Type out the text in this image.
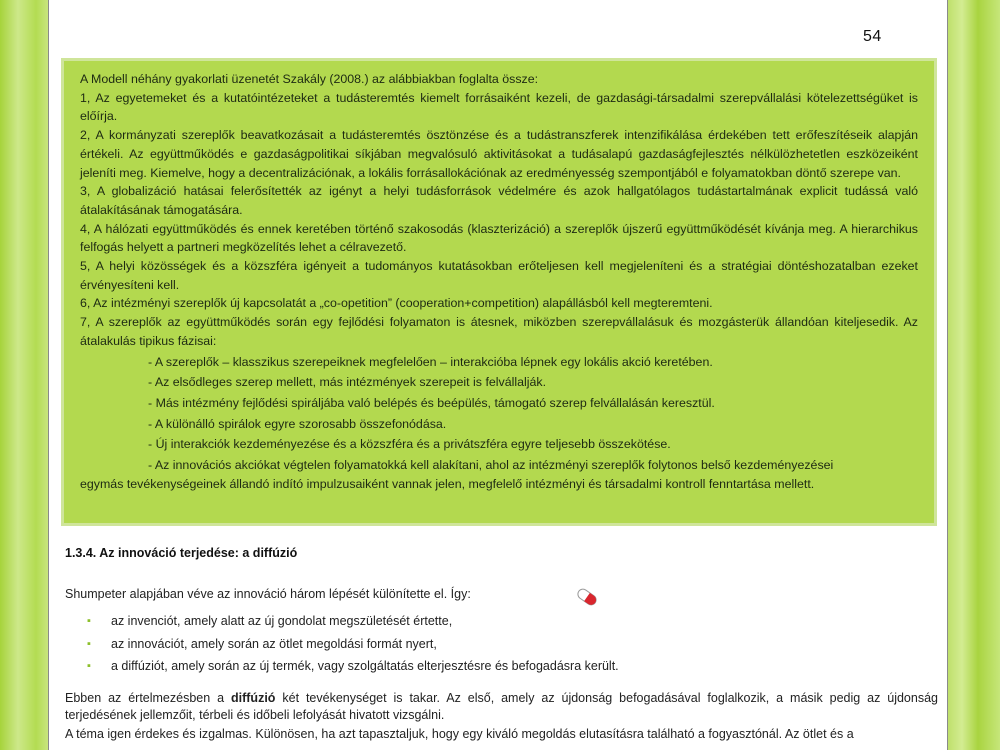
54

A Modell néhány gyakorlati üzenetét Szakály (2008.) az alábbiakban foglalta össze:

1, Az egyetemeket és a kutatóintézeteket a tudásteremtés kiemelt forrásaiként kezeli, de gazdasági-társadalmi szerepvállalási kötelezettségüket is előírja.

2, A kormányzati szereplők beavatkozásait a tudásteremtés ösztönzése és a tudástranszferek intenzifikálása érdekében tett erőfeszítéseik alapján értékeli. Az együttműködés e gazdaságpolitikai síkjában megvalósuló aktivitásokat a tudásalapú gazdaságfejlesztés nélkülözhetetlen eszközeiként jeleníti meg. Kiemelve, hogy a decentralizációnak, a lokális forrásallokációnak az eredményesség szempontjából e folyamatokban döntő szerepe van.

3, A globalizáció hatásai felerősítették az igényt a helyi tudásforrások védelmére és azok hallgatólagos tudástartalmának explicit tudássá való átalakításának támogatására.

4, A hálózati együttműködés és ennek keretében történő szakosodás (klaszterizáció) a szereplők újszerű együttműködését kívánja meg. A hierarchikus felfogás helyett a partneri megközelítés lehet a célravezető.

5, A helyi közösségek és a közszféra igényeit a tudományos kutatásokban erőteljesen kell megjeleníteni és a stratégiai döntéshozatalban ezeket érvényesíteni kell.

6, Az intézményi szereplők új kapcsolatát a „co-opetition” (cooperation+competition) alapállásból kell megteremteni.

7, A szereplők az együttműködés során egy fejlődési folyamaton is átesnek, miközben szerepvállalásuk és mozgásterük állandóan kiteljesedik. Az átalakulás tipikus fázisai:

- A szereplők – klasszikus szerepeiknek megfelelően – interakcióba lépnek egy lokális akció keretében.

- Az elsődleges szerep mellett, más intézmények szerepeit is felvállalják.

- Más intézmény fejlődési spiráljába való belépés és beépülés, támogató szerep felvállalásán keresztül.

- A különálló spirálok egyre szorosabb összefonódása.

- Új interakciók kezdeményezése és a közszféra és a privátszféra egyre teljesebb összekötése.

- Az innovációs akciókat végtelen folyamatokká kell alakítani, ahol az intézményi szereplők folytonos belső kezdeményezései

egymás tevékenységeinek állandó indító impulzusaiként vannak jelen, megfelelő intézményi és társadalmi kontroll fenntartása mellett.

1.3.4. Az innováció terjedése: a diffúzió
Shumpeter alapjában véve az innováció három lépését különítette el. Így:
▪ az invenciót, amely alatt az új gondolat megszületését értette,
▪ az innovációt, amely során az ötlet megoldási formát nyert,
▪ a diffúziót, amely során az új termék, vagy szolgáltatás elterjesztésre és befogadásra került.

Ebben az értelmezésben a diffúzió két tevékenységet is takar. Az első, amely az újdonság befogadásával foglalkozik, a másik pedig az újdonság terjedésének jellemzőit, térbeli és időbeli lefolyását hivatott vizsgálni.

A téma igen érdekes és izgalmas. Különösen, ha azt tapasztaljuk, hogy egy kiváló megoldás elutasításra található a fogyasztónál. Az ötlet és a
